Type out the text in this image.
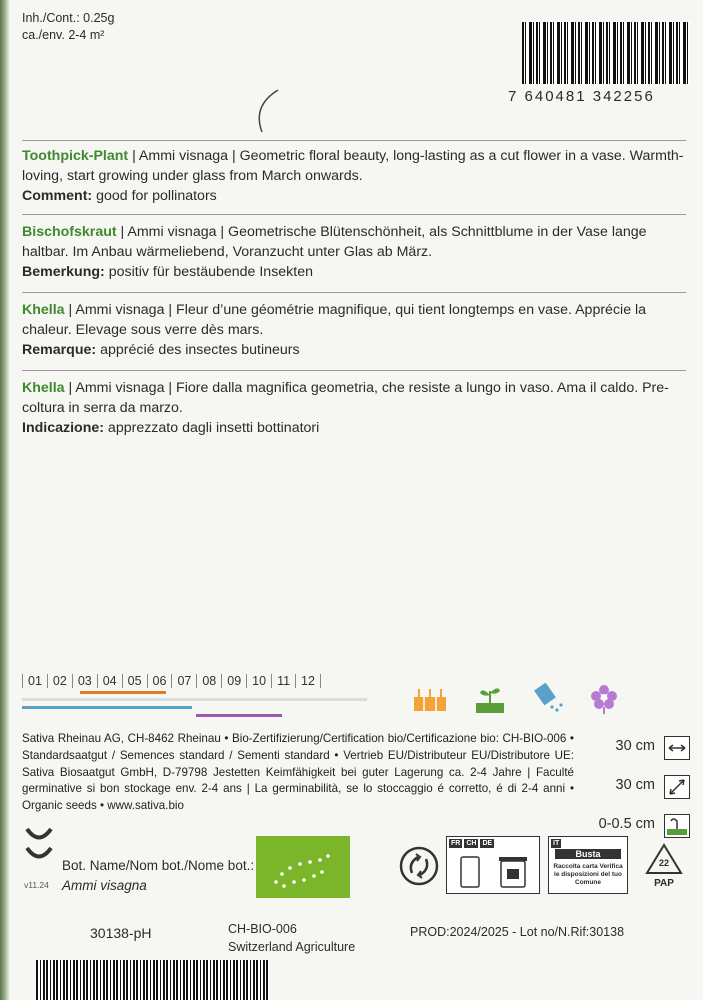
Inh./Cont.: 0.25g
ca./env. 2-4 m²
7 640481 342256
Toothpick-Plant | Ammi visnaga | Geometric floral beauty, long-lasting as a cut flower in a vase. Warmth-loving, start growing under glass from March onwards.
Comment: good for pollinators
Bischofskraut | Ammi visnaga | Geometrische Blütenschönheit, als Schnittblume in der Vase lange haltbar. Im Anbau wärmeliebend, Voranzucht unter Glas ab März.
Bemerkung: positiv für bestäubende Insekten
Khella | Ammi visnaga | Fleur d’une géométrie magnifique, qui tient longtemps en vase. Apprécie la chaleur. Elevage sous verre dès mars.
Remarque: apprécié des insectes butineurs
Khella | Ammi visnaga | Fiore dalla magnifica geometria, che resiste a lungo in vaso. Ama il caldo. Pre-coltura in serra da marzo.
Indicazione: apprezzato dagli insetti bottinatori
01 02 03 04 05 06 07 08 09 10 11 12
Sativa Rheinau AG, CH-8462 Rheinau • Bio-Zertifizierung/Certification bio/Certificazione bio: CH-BIO-006 • Standardsaatgut / Semences standard / Sementi standard • Vertrieb EU/Distributeur EU/Distributore UE: Sativa Biosaatgut GmbH, D-79798 Jestetten Keimfähigkeit bei guter Lagerung ca. 2-4 Jahre | Faculté germinative si bon stockage env. 2-4 ans | La germinabilità, se lo stoccaggio é corretto, é di 2-4 anni • Organic seeds • www.sativa.bio
30 cm
30 cm
0-0.5 cm
Bot. Name/Nom bot./Nome bot.:
Ammi visagna
v11.24
FR CH DE	IT
Busta
Raccolta carta Verifica le disposizioni del tuo Comune
22
PAP
30138-pH	CH-BIO-006
Switzerland Agriculture
PROD:2024/2025 - Lot no/N.Rif:30138
